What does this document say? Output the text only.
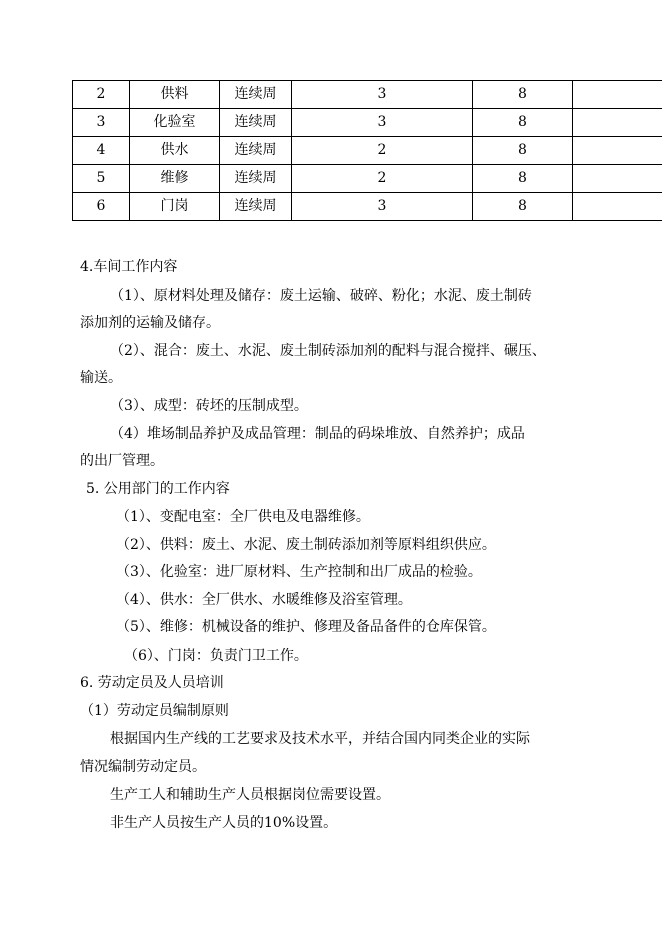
2	供料	连续周	3	8	
3	化验室	连续周	3	8	
4	供水	连续周	2	8	
5	维修	连续周	2	8	
6	门岗	连续周	3	8	
4.车间工作内容
（1）、原材料处理及储存：废土运输、破碎、粉化；水泥、废土制砖
添加剂的运输及储存。
（2）、混合：废土、水泥、废土制砖添加剂的配料与混合搅拌、碾压、
输送。
（3）、成型：砖坯的压制成型。
（4）堆场制品养护及成品管理：制品的码垛堆放、自然养护；成品
的出厂管理。
5. 公用部门的工作内容
（1）、变配电室：全厂供电及电器维修。
（2）、供料：废土、水泥、废土制砖添加剂等原料组织供应。
（3）、化验室：进厂原材料、生产控制和出厂成品的检验。
（4）、供水：全厂供水、水暖维修及浴室管理。
（5）、维修：机械设备的维护、修理及备品备件的仓库保管。
（6）、门岗：负责门卫工作。
6. 劳动定员及人员培训
（1）劳动定员编制原则
根据国内生产线的工艺要求及技术水平，并结合国内同类企业的实际
情况编制劳动定员。
生产工人和辅助生产人员根据岗位需要设置。
非生产人员按生产人员的10%设置。
